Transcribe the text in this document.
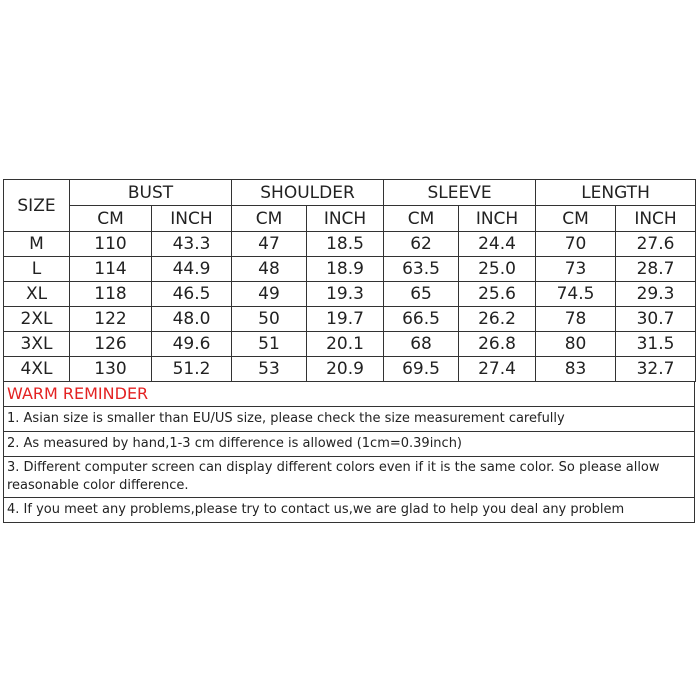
SIZE	BUST		SHOULDER		SLEEVE		LENGTH	
	CM	INCH	CM	INCH	CM	INCH	CM	INCH
M	110	43.3	47	18.5	62	24.4	70	27.6
L	114	44.9	48	18.9	63.5	25.0	73	28.7
XL	118	46.5	49	19.3	65	25.6	74.5	29.3
2XL	122	48.0	50	19.7	66.5	26.2	78	30.7
3XL	126	49.6	51	20.1	68	26.8	80	31.5
4XL	130	51.2	53	20.9	69.5	27.4	83	32.7
WARM REMINDER
1. Asian size is smaller than EU/US size, please check the size measurement carefully
2. As measured by hand,1-3 cm difference is allowed (1cm=0.39inch)
3. Different computer screen can display different colors even if it is the same color. So please allow reasonable color difference.
4. If you meet any problems,please try to contact us,we are glad to help you deal any problem
